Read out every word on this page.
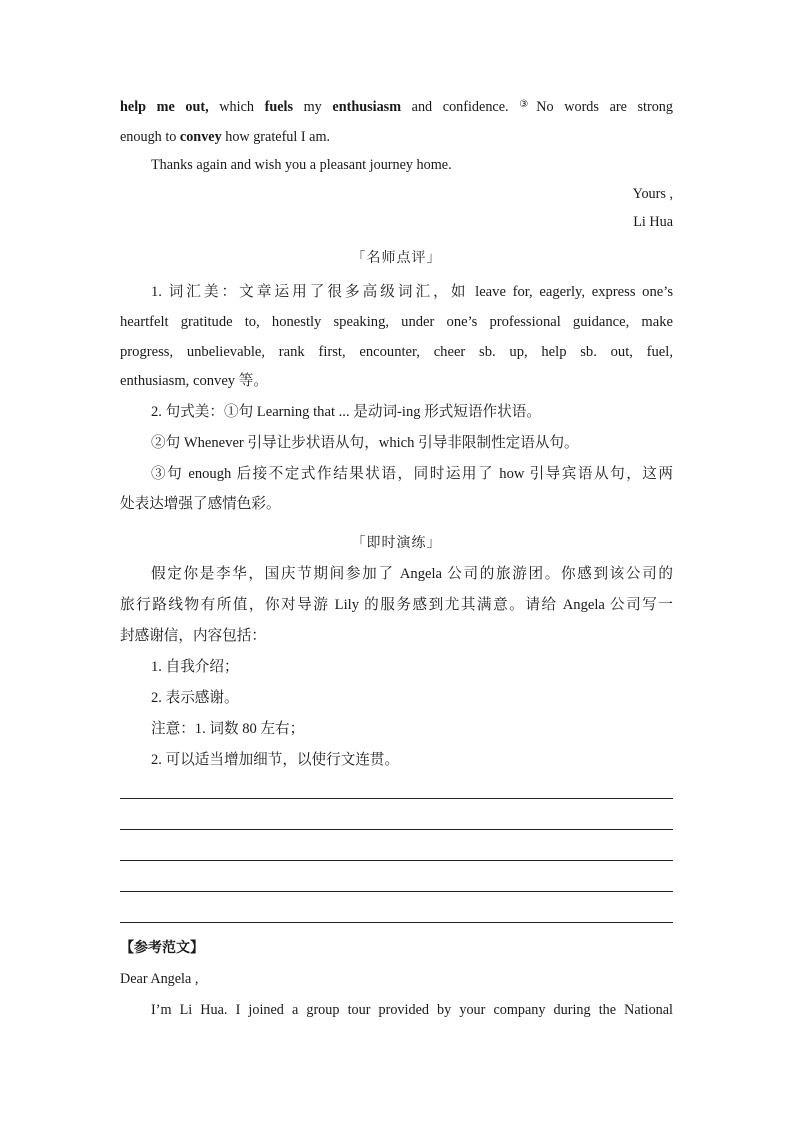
help me out, which fuels my enthusiasm and confidence. ③No words are strong
enough to convey how grateful I am.
Thanks again and wish you a pleasant journey home.
Yours ,
Li Hua
「名师点评」
1. 词汇美：文章运用了很多高级词汇，如 leave for, eagerly, express one’s
heartfelt gratitude to, honestly speaking, under one’s professional guidance, make
progress, unbelievable, rank first, encounter, cheer sb. up, help sb. out, fuel,
enthusiasm, convey 等。
2. 句式美：①句 Learning that ... 是动词-ing 形式短语作状语。
②句 Whenever 引导让步状语从句，which 引导非限制性定语从句。
③句 enough 后接不定式作结果状语，同时运用了 how 引导宾语从句，这两
处表达增强了感情色彩。
「即时演练」
假定你是李华，国庆节期间参加了 Angela 公司的旅游团。你感到该公司的
旅行路线物有所值，你对导游 Lily 的服务感到尤其满意。请给 Angela 公司写一
封感谢信，内容包括：
1. 自我介绍；
2. 表示感谢。
注意：1. 词数 80 左右；
2. 可以适当增加细节，以使行文连贯。
【参考范文】
Dear Angela ,
I’m Li Hua. I joined a group tour provided by your company during the National
